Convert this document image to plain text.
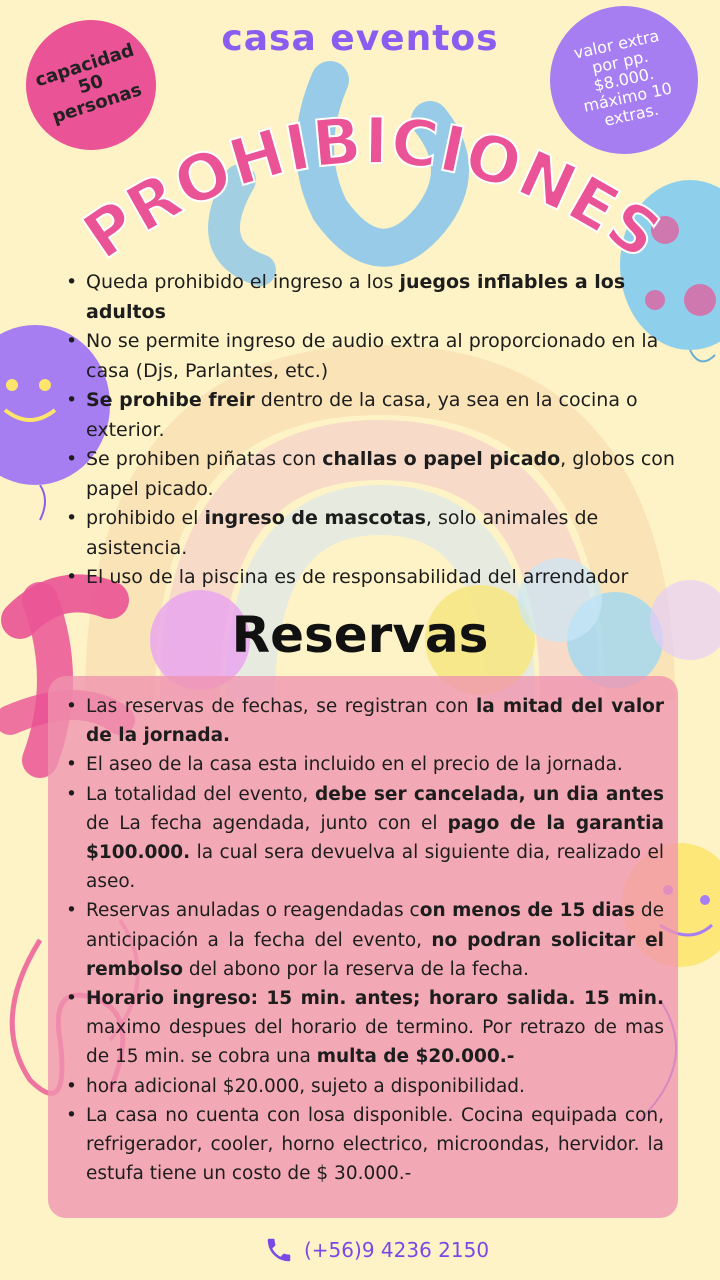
casa eventos
capacidad
50
personas
valor extra
por pp.
$8.000.
máximo 10
extras.
PROHIBICIONES
• Queda prohibido el ingreso a los juegos inflables a los adultos
• No se permite ingreso de audio extra al proporcionado en la casa (Djs, Parlantes, etc.)
• Se prohibe freir dentro de la casa, ya sea en la cocina o exterior.
• Se prohiben piñatas con challas o papel picado, globos con papel picado.
• prohibido el ingreso de mascotas, solo animales de asistencia.
• El uso de la piscina es de responsabilidad del arrendador
Reservas
• Las reservas de fechas, se registran con la mitad del valor de la jornada.
• El aseo de la casa esta incluido en el precio de la jornada.
• La totalidad del evento, debe ser cancelada, un dia antes de La fecha agendada, junto con el pago de la garantia $100.000. la cual sera devuelva al siguiente dia, realizado el aseo.
• Reservas anuladas o reagendadas con menos de 15 dias de anticipación a la fecha del evento, no podran solicitar el rembolso del abono por la reserva de la fecha.
• Horario ingreso: 15 min. antes; horaro salida. 15 min. maximo despues del horario de termino. Por retrazo de mas de 15 min. se cobra una multa de $20.000.-
• hora adicional $20.000, sujeto a disponibilidad.
• La casa no cuenta con losa disponible. Cocina equipada con, refrigerador, cooler, horno electrico, microondas, hervidor. la estufa tiene un costo de $ 30.000.-
(+56)9 4236 2150
